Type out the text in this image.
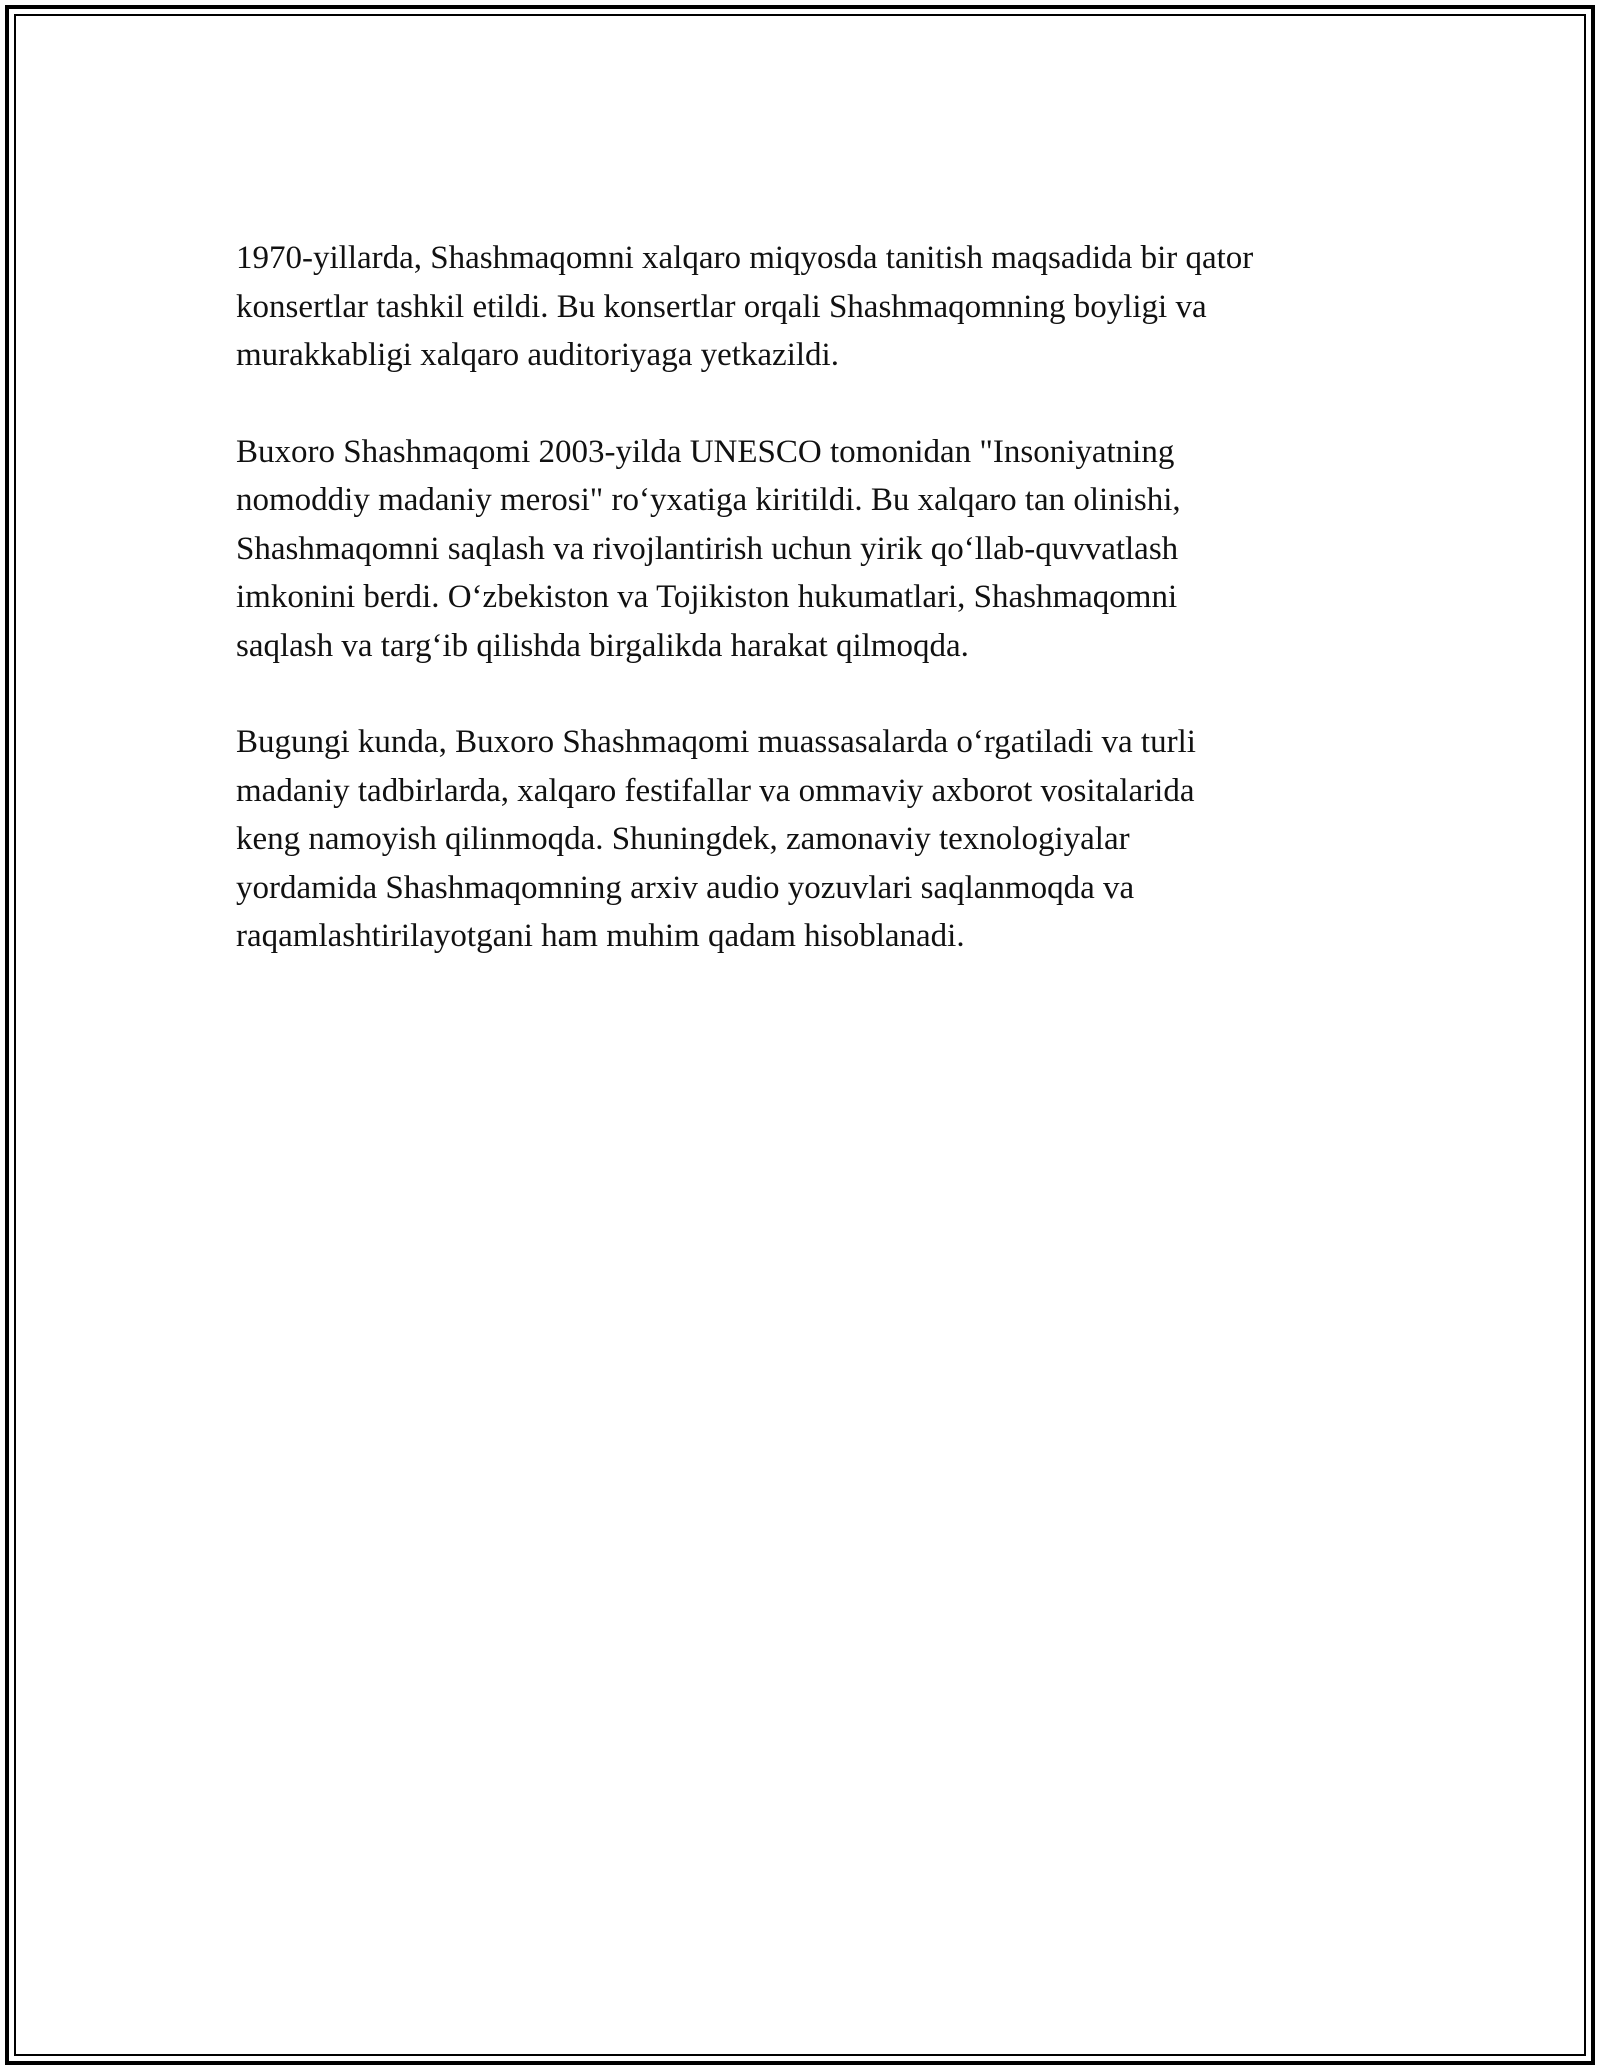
1970-yillarda, Shashmaqomni xalqaro miqyosda tanitish maqsadida bir qator
konsertlar tashkil etildi. Bu konsertlar orqali Shashmaqomning boyligi va
murakkabligi xalqaro auditoriyaga yetkazildi.

Buxoro Shashmaqomi 2003-yilda UNESCO tomonidan "Insoniyatning
nomoddiy madaniy merosi" ro‘yxatiga kiritildi. Bu xalqaro tan olinishi,
Shashmaqomni saqlash va rivojlantirish uchun yirik qo‘llab-quvvatlash
imkonini berdi. O‘zbekiston va Tojikiston hukumatlari, Shashmaqomni
saqlash va targ‘ib qilishda birgalikda harakat qilmoqda.

Bugungi kunda, Buxoro Shashmaqomi muassasalarda o‘rgatiladi va turli
madaniy tadbirlarda, xalqaro festifallar va ommaviy axborot vositalarida
keng namoyish qilinmoqda. Shuningdek, zamonaviy texnologiyalar
yordamida Shashmaqomning arxiv audio yozuvlari saqlanmoqda va
raqamlashtirilayotgani ham muhim qadam hisoblanadi.
